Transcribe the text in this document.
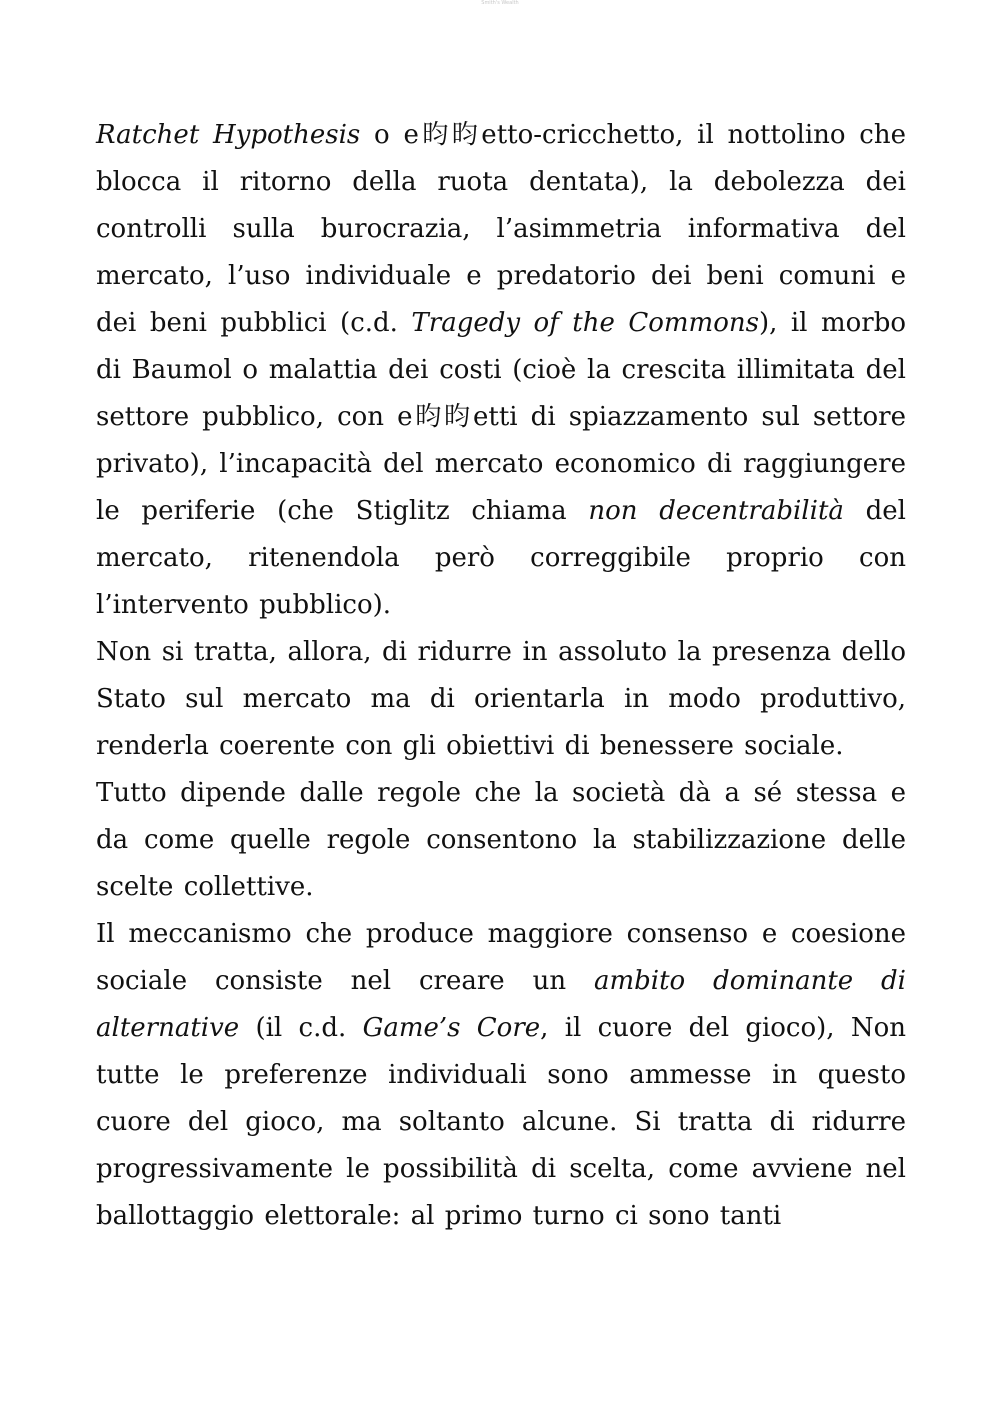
Smith's Wealth

Ratchet Hypothesis o e昀昀etto-cricchetto, il nottolino che blocca il ritorno della ruota dentata), la debolezza dei controlli sulla burocrazia, l’asimmetria informativa del mercato, l’uso individuale e predatorio dei beni comuni e dei beni pubblici (c.d. Tragedy of the Commons), il morbo di Baumol o malattia dei costi (cioè la crescita illimitata del settore pubblico, con e昀昀etti di spiazzamento sul settore privato), l’incapacità del mercato economico di raggiungere le periferie (che Stiglitz chiama non decentrabilità del mercato, ritenendola però correggibile proprio con l’intervento pubblico).

Non si tratta, allora, di ridurre in assoluto la presenza dello Stato sul mercato ma di orientarla in modo produttivo, renderla coerente con gli obiettivi di benessere sociale.

Tutto dipende dalle regole che la società dà a sé stessa e da come quelle regole consentono la stabilizzazione delle scelte collettive.

Il meccanismo che produce maggiore consenso e coesione sociale consiste nel creare un ambito dominante di alternative (il c.d. Game’s Core, il cuore del gioco), Non tutte le preferenze individuali sono ammesse in questo cuore del gioco, ma soltanto alcune. Si tratta di ridurre progressivamente le possibilità di scelta, come avviene nel ballottaggio elettorale: al primo turno ci sono tanti
